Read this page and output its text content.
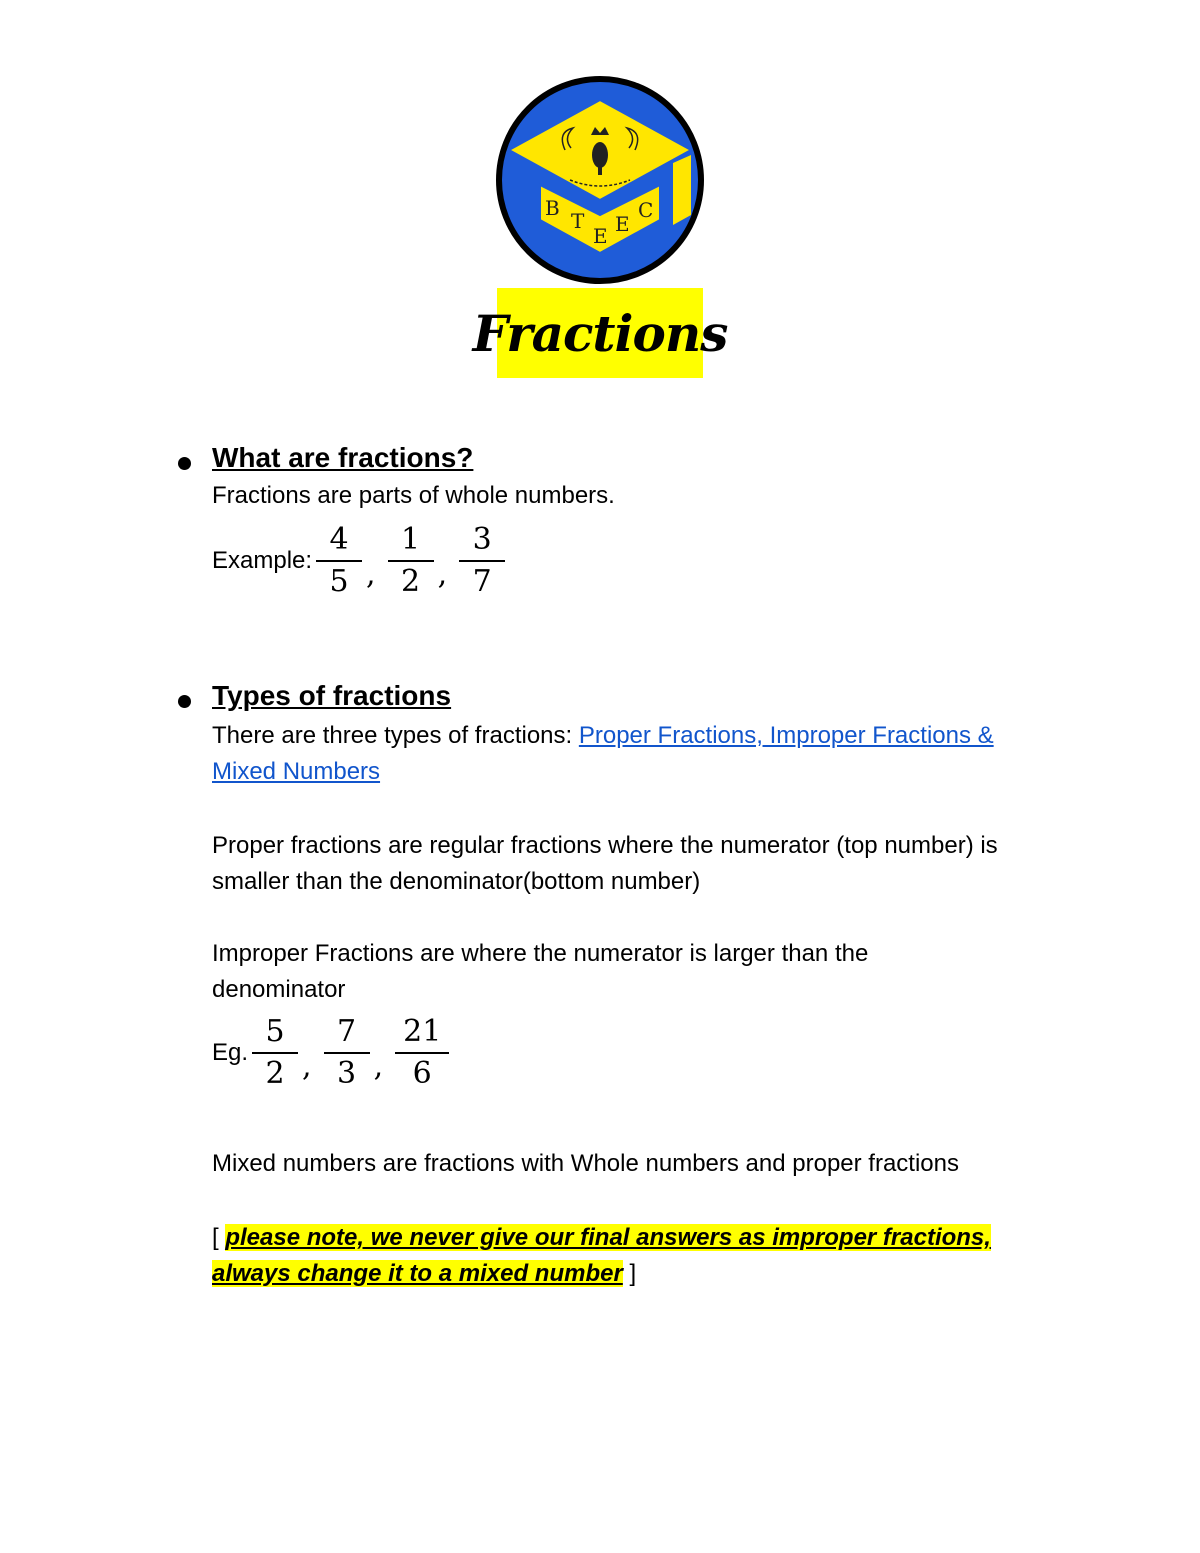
B
T
E E
C
Fractions
What are fractions?
Fractions are parts of whole numbers.
Example: $\frac{4}{5}$ , $\frac{1}{2}$ , $\frac{3}{7}$
Types of fractions
There are three types of fractions: Proper Fractions, Improper Fractions & Mixed Numbers
Proper fractions are regular fractions where the numerator (top number) is smaller than the denominator(bottom number)
Improper Fractions are where the numerator is larger than the denominator
Eg. $\frac{5}{2}$ , $\frac{7}{3}$ , $\frac{21}{6}$
Mixed numbers are fractions with Whole numbers and proper fractions
[ please note, we never give our final answers as improper fractions, always change it to a mixed number ]
